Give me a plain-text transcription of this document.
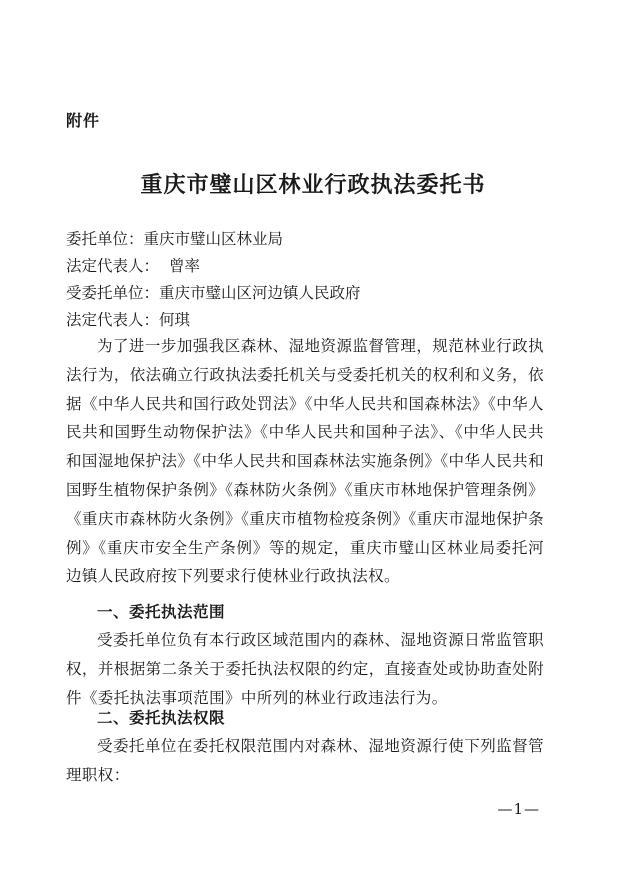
附件
重庆市璧山区林业行政执法委托书
委托单位：重庆市璧山区林业局
法定代表人： 曾率
受委托单位：重庆市璧山区河边镇人民政府
法定代表人：何琪
为了进一步加强我区森林、湿地资源监督管理，规范林业行政执法行为，依法确立行政执法委托机关与受委托机关的权利和义务，依据《中华人民共和国行政处罚法》《中华人民共和国森林法》《中华人民共和国野生动物保护法》《中华人民共和国种子法》、《中华人民共和国湿地保护法》《中华人民共和国森林法实施条例》《中华人民共和国野生植物保护条例》《森林防火条例》《重庆市林地保护管理条例》《重庆市森林防火条例》《重庆市植物检疫条例》《重庆市湿地保护条例》《重庆市安全生产条例》等的规定，重庆市璧山区林业局委托河边镇人民政府按下列要求行使林业行政执法权。
一、委托执法范围
受委托单位负有本行政区域范围内的森林、湿地资源日常监管职权，并根据第二条关于委托执法权限的约定，直接查处或协助查处附件《委托执法事项范围》中所列的林业行政违法行为。
二、委托执法权限
受委托单位在委托权限范围内对森林、湿地资源行使下列监督管理职权：
—1—
